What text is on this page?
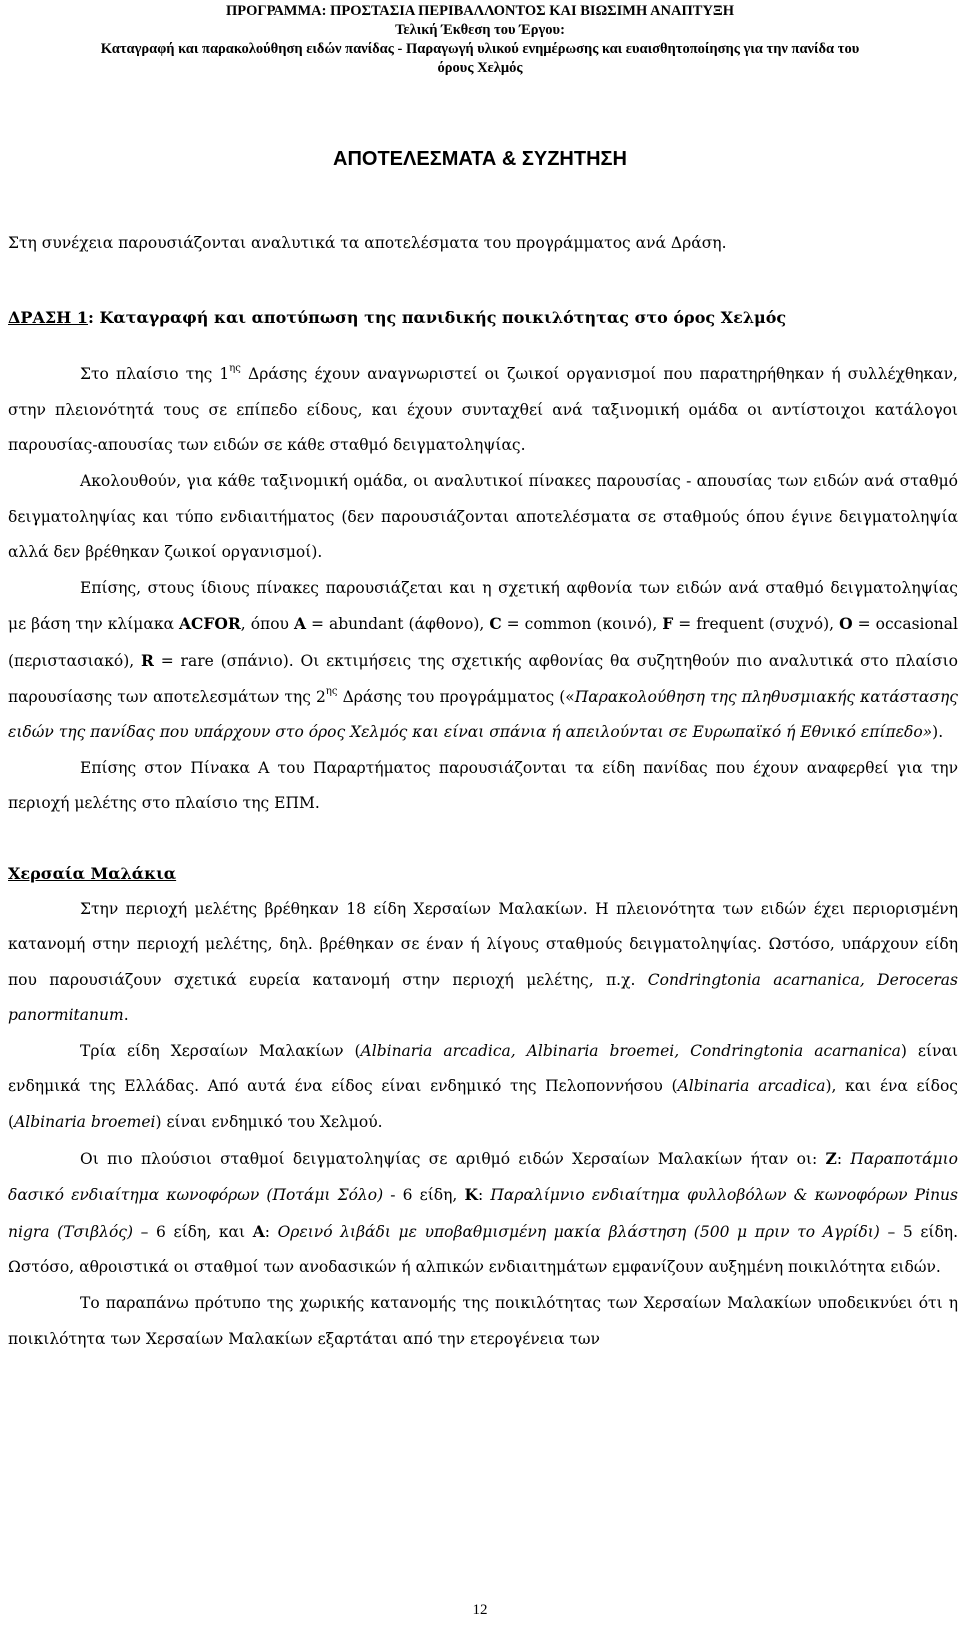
ΠΡΟΓΡΑΜΜΑ: ΠΡΟΣΤΑΣΙΑ ΠΕΡΙΒΑΛΛΟΝΤΟΣ ΚΑΙ ΒΙΩΣΙΜΗ ΑΝΑΠΤΥΞΗ
Τελική Έκθεση του Έργου:
Καταγραφή και παρακολούθηση ειδών πανίδας - Παραγωγή υλικού ενημέρωσης και ευαισθητοποίησης για την πανίδα του
όρους Χελμός
ΑΠΟΤΕΛΕΣΜΑΤΑ & ΣΥΖΗΤΗΣΗ

Στη συνέχεια παρουσιάζονται αναλυτικά τα αποτελέσματα του προγράμματος ανά Δράση.

ΔΡΑΣΗ 1: Καταγραφή και αποτύπωση της πανιδικής ποικιλότητας στο όρος Χελμός

Στο πλαίσιο της $1^{\eta\varsigma}$ Δράσης έχουν αναγνωριστεί οι ζωικοί οργανισμοί που παρατηρήθηκαν ή συλλέχθηκαν, στην πλειονότητά τους σε επίπεδο είδους, και έχουν συνταχθεί ανά ταξινομική ομάδα οι αντίστοιχοι κατάλογοι παρουσίας-απουσίας των ειδών σε κάθε σταθμό δειγματοληψίας.

Ακολουθούν, για κάθε ταξινομική ομάδα, οι αναλυτικοί πίνακες παρουσίας - απουσίας των ειδών ανά σταθμό δειγματοληψίας και τύπο ενδιαιτήματος (δεν παρουσιάζονται αποτελέσματα σε σταθμούς όπου έγινε δειγματοληψία αλλά δεν βρέθηκαν ζωικοί οργανισμοί).

Επίσης, στους ίδιους πίνακες παρουσιάζεται και η σχετική αφθονία των ειδών ανά σταθμό δειγματοληψίας με βάση την κλίμακα ACFOR, όπου A = abundant (άφθονο), C = common (κοινό), F = frequent (συχνό), O = occasional (περιστασιακό), R = rare (σπάνιο). Οι εκτιμήσεις της σχετικής αφθονίας θα συζητηθούν πιο αναλυτικά στο πλαίσιο παρουσίασης των αποτελεσμάτων της $2^{\eta\varsigma}$ Δράσης του προγράμματος («Παρακολούθηση της πληθυσμιακής κατάστασης ειδών της πανίδας που υπάρχουν στο όρος Χελμός και είναι σπάνια ή απειλούνται σε Ευρωπαϊκό ή Εθνικό επίπεδο»).

Επίσης στον Πίνακα Α του Παραρτήματος παρουσιάζονται τα είδη πανίδας που έχουν αναφερθεί για την περιοχή μελέτης στο πλαίσιο της ΕΠΜ.

Χερσαία Μαλάκια

Στην περιοχή μελέτης βρέθηκαν 18 είδη Χερσαίων Μαλακίων. Η πλειονότητα των ειδών έχει περιορισμένη κατανομή στην περιοχή μελέτης, δηλ. βρέθηκαν σε έναν ή λίγους σταθμούς δειγματοληψίας. Ωστόσο, υπάρχουν είδη που παρουσιάζουν σχετικά ευρεία κατανομή στην περιοχή μελέτης, π.χ. Condringtonia acarnanica, Deroceras panormitanum.

Τρία είδη Χερσαίων Μαλακίων (Albinaria arcadica, Albinaria broemei, Condringtonia acarnanica) είναι ενδημικά της Ελλάδας. Από αυτά ένα είδος είναι ενδημικό της Πελοποννήσου (Albinaria arcadica), και ένα είδος (Albinaria broemei) είναι ενδημικό του Χελμού.

Οι πιο πλούσιοι σταθμοί δειγματοληψίας σε αριθμό ειδών Χερσαίων Μαλακίων ήταν οι: Ζ: Παραποτάμιο δασικό ενδιαίτημα κωνοφόρων (Ποτάμι Σόλο) - 6 είδη, Κ: Παραλίμνιο ενδιαίτημα φυλλοβόλων & κωνοφόρων Pinus nigra (Τσιβλός) – 6 είδη, και Α: Ορεινό λιβάδι με υποβαθμισμένη μακία βλάστηση (500 μ πριν το Αγρίδι) – 5 είδη. Ωστόσο, αθροιστικά οι σταθμοί των ανοδασικών ή αλπικών ενδιαιτημάτων εμφανίζουν αυξημένη ποικιλότητα ειδών.

Το παραπάνω πρότυπο της χωρικής κατανομής της ποικιλότητας των Χερσαίων Μαλακίων υποδεικνύει ότι η ποικιλότητα των Χερσαίων Μαλακίων εξαρτάται από την ετερογένεια των

12
